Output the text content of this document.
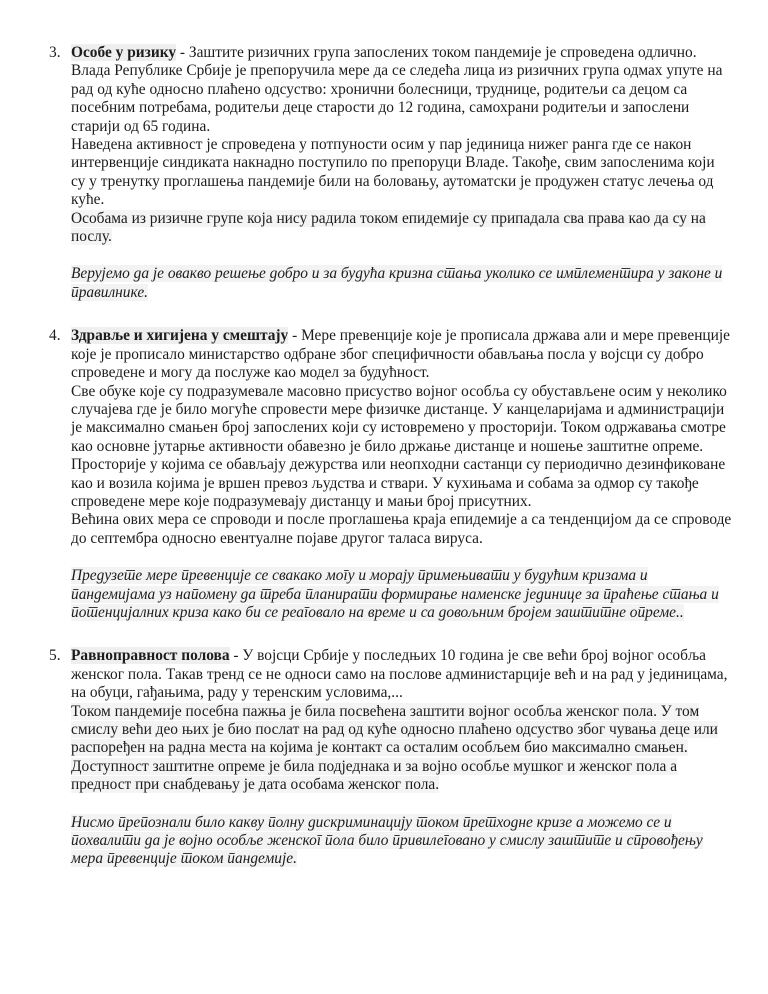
3. Особе у ризику - Заштите ризичних група запослених током пандемије је спроведена одлично. Влада Републике Србије је препоручила мере да се следећа лица из ризичних група одмах упуте на рад од куће односно плаћено одсуство: хронични болесници, труднице, родитељи са децом са посебним потребама, родитељи деце старости до 12 година, самохрани родитељи и запослени старији од 65 година.

Наведена активност је спроведена у потпуности осим у пар јединица нижег ранга где се након интервенције синдиката накнадно поступило по препоруци Владе. Такође, свим запосленима који су у тренутку проглашења пандемије били на боловању, аутоматски је продужен статус лечења од куће.

Особама из ризичне групе која нису радила током епидемије су припадала сва права као да су на послу.

Верујемо да је овакво решење добро и за будућа кризна стања уколико се имплементира у законе и правилнике.

4. Здравље и хигијена у смештају - Мере превенције које је прописала држава али и мере превенције које је прописало министарство одбране због специфичности обављања посла у војсци су добро спроведене и могу да послуже као модел за будућност.

Све обуке које су подразумевале масовно присуство војног особља су обустављене осим у неколико случајева где је било могуће спровести мере физичке дистанце. У канцеларијама и администрацији је максимално смањен број запослених који су истовремено у просторији. Током одржавања смотре као основне јутарње активности обавезно је било држање дистанце и ношење заштитне опреме. Просторије у којима се обављају дежурства или неопходни састанци су периодично дезинфиковане као и возила којима је вршен превоз људства и ствари. У кухињама и собама за одмор су такође спроведене мере које подразумевају дистанцу и мањи број присутних.

Већина ових мера се спроводи и после проглашења краја епидемије а са тенденцијом да се спроводе до септембра односно евентуалне појаве другог таласа вируса.

Предузете мере превенције се свакако могу и морају примењивати у будућим кризама и пандемијама уз напомену да треба планирати формирање наменске јединице за праћење стања и потенцијалних криза како би се реаговало на време и са довољним бројем заштитне опреме..

5. Равноправност полова - У војсци Србије у последњих 10 година је све већи број војног особља женског пола. Такав тренд се не односи само на послове администарције већ и на рад у јединицама, на обуци, гађањима, раду у теренским условима,...

Током пандемије посебна пажња је била посвећена заштити војног особља женског пола. У том смислу већи део њих је био послат на рад од куће односно плаћено одсуство због чувања деце или распоређен на радна места на којима је контакт са осталим особљем био максимално смањен. Доступност заштитне опреме је била подједнака и за војно особље мушког и женског пола а предност при снабдевању је дата особама женског пола.

Нисмо препознали било какву полну дискриминацију током претходне кризе а можемо се и похвалити да је војно особље женског пола било привилеговано у смислу заштите и спровођењу мера превенције током пандемије.
